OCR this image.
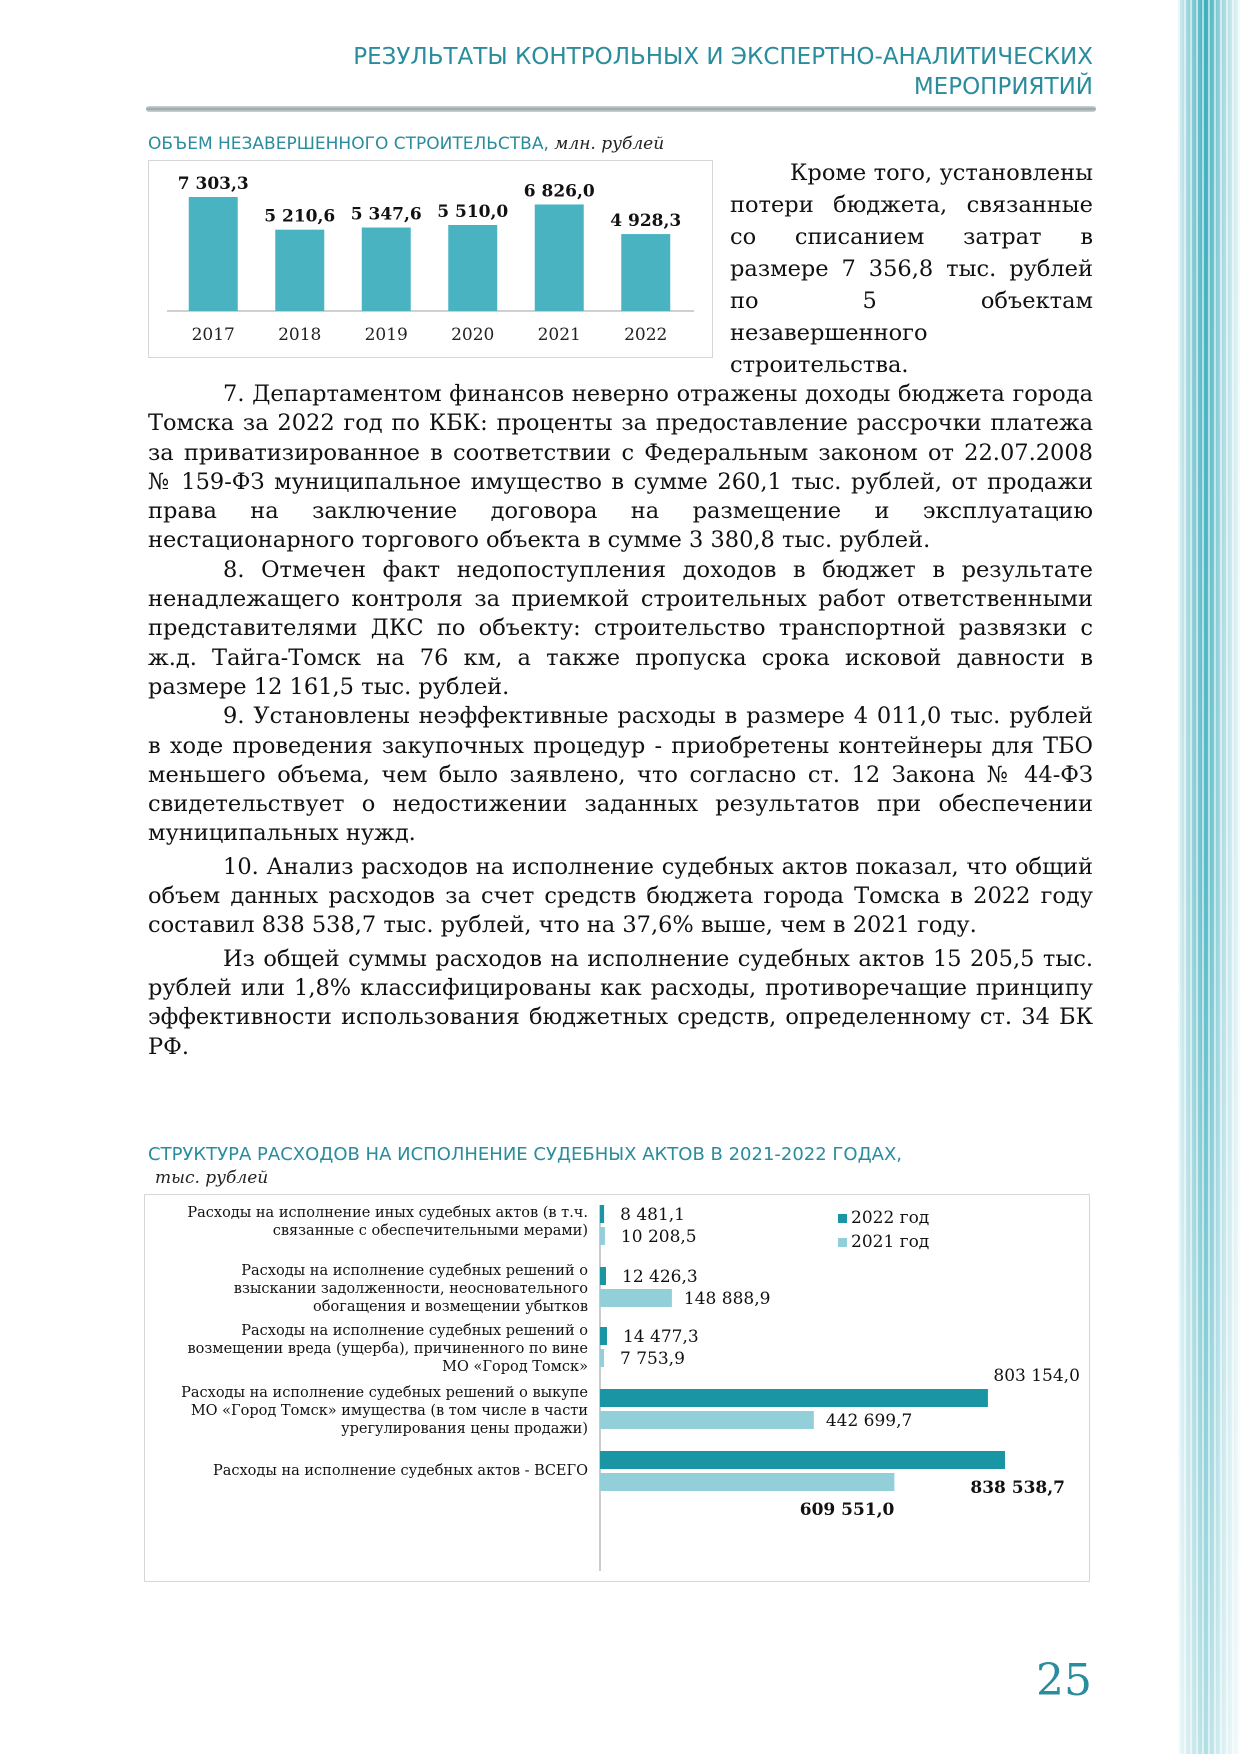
РЕЗУЛЬТАТЫ КОНТРОЛЬНЫХ И ЭКСПЕРТНО-АНАЛИТИЧЕСКИХ
МЕРОПРИЯТИЙ
ОБЪЕМ НЕЗАВЕРШЕННОГО СТРОИТЕЛЬСТВА, млн. рублей
7 303,3
2017
5 210,6
2018
5 347,6
2019
5 510,0
2020
6 826,0
2021
4 928,3
2022

Кроме того, установлены потери бюджета, связанные со списанием затрат в размере 7 356,8 тыс. рублей по 5 объектам незавершенного строительства.

7. Департаментом финансов неверно отражены доходы бюджета города Томска за 2022 год по КБК: проценты за предоставление рассрочки платежа за приватизированное в соответствии с Федеральным законом от 22.07.2008 № 159-ФЗ муниципальное имущество в сумме 260,1 тыс. рублей, от продажи права на заключение договора на размещение и эксплуатацию нестационарного торгового объекта в сумме 3 380,8 тыс. рублей.

8. Отмечен факт недопоступления доходов в бюджет в результате ненадлежащего контроля за приемкой строительных работ ответственными представителями ДКС по объекту: строительство транспортной развязки с ж.д. Тайга-Томск на 76 км, а также пропуска срока исковой давности в размере 12 161,5 тыс. рублей.

9. Установлены неэффективные расходы в размере 4 011,0 тыс. рублей в ходе проведения закупочных процедур - приобретены контейнеры для ТБО меньшего объема, чем было заявлено, что согласно ст. 12 Закона № 44-ФЗ свидетельствует о недостижении заданных результатов при обеспечении муниципальных нужд.

10. Анализ расходов на исполнение судебных актов показал, что общий объем данных расходов за счет средств бюджета города Томска в 2022 году составил 838 538,7 тыс. рублей, что на 37,6% выше, чем в 2021 году.

Из общей суммы расходов на исполнение судебных актов 15 205,5 тыс. рублей или 1,8% классифицированы как расходы, противоречащие принципу эффективности использования бюджетных средств, определенному ст. 34 БК РФ.

СТРУКТУРА РАСХОДОВ НА ИСПОЛНЕНИЕ СУДЕБНЫХ АКТОВ В 2021-2022 ГОДАХ,
тыс. рублей
Расходы на исполнение иных судебных актов (в т.ч.
связанные с обеспечительными мерами)
8 481,1
10 208,5
Расходы на исполнение судебных решений о
взыскании задолженности, неосновательного
обогащения и возмещении убытков
12 426,3
148 888,9
Расходы на исполнение судебных решений о
возмещении вреда (ущерба), причиненного по вине
МО «Город Томск»
14 477,3
7 753,9
Расходы на исполнение судебных решений о выкупе
МО «Город Томск» имущества (в том числе в части
урегулирования цены продажи)
803 154,0
442 699,7
Расходы на исполнение судебных актов - ВСЕГО
838 538,7
609 551,0
2022 год
2021 год
25
